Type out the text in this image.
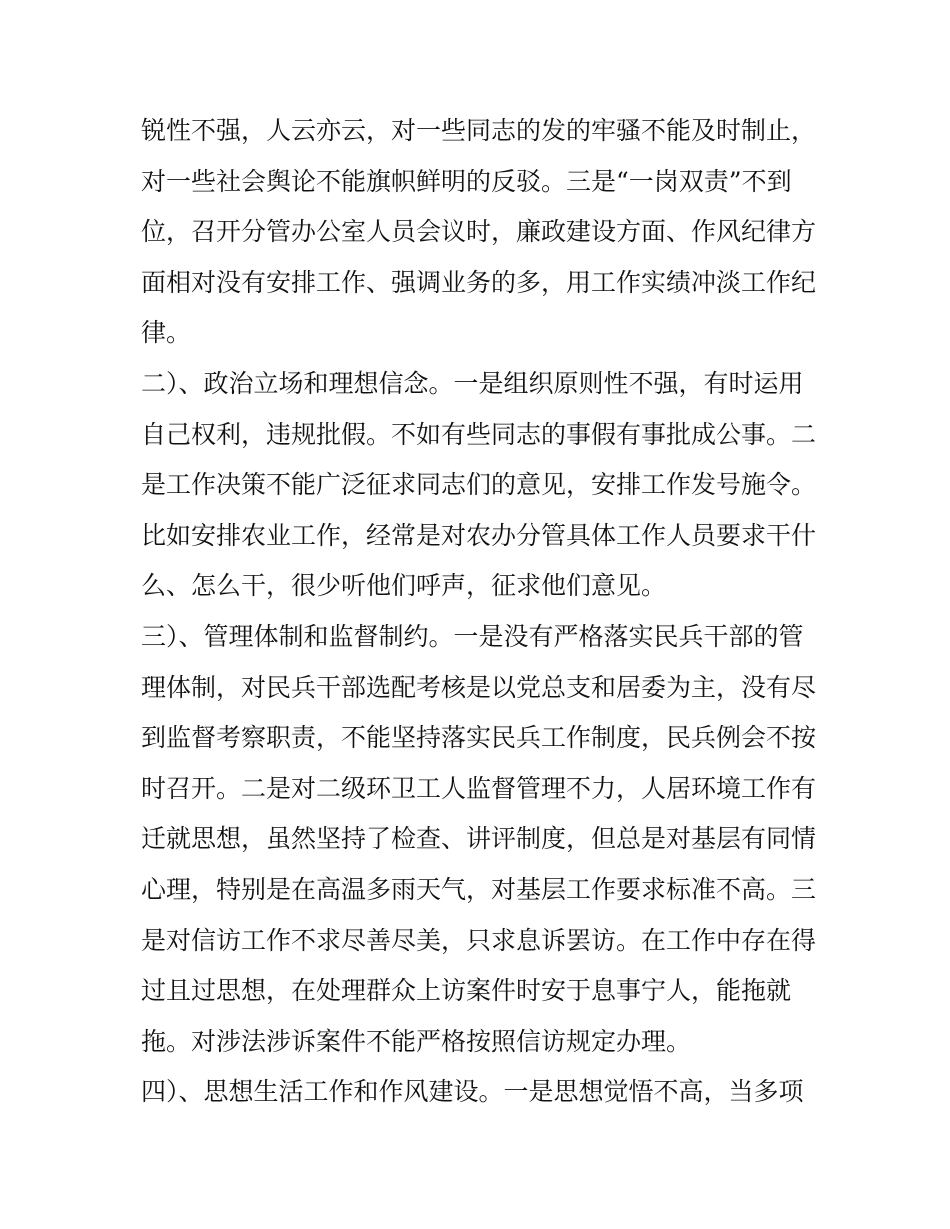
锐性不强，人云亦云，对一些同志的发的牢骚不能及时制止，
对一些社会舆论不能旗帜鲜明的反驳。三是“一岗双责”不到
位，召开分管办公室人员会议时，廉政建设方面、作风纪律方
面相对没有安排工作、强调业务的多，用工作实绩冲淡工作纪
律。
二）、政治立场和理想信念。一是组织原则性不强，有时运用
自己权利，违规批假。不如有些同志的事假有事批成公事。二
是工作决策不能广泛征求同志们的意见，安排工作发号施令。
比如安排农业工作，经常是对农办分管具体工作人员要求干什
么、怎么干，很少听他们呼声，征求他们意见。
三）、管理体制和监督制约。一是没有严格落实民兵干部的管
理体制，对民兵干部选配考核是以党总支和居委为主，没有尽
到监督考察职责，不能坚持落实民兵工作制度，民兵例会不按
时召开。二是对二级环卫工人监督管理不力，人居环境工作有
迁就思想，虽然坚持了检查、讲评制度，但总是对基层有同情
心理，特别是在高温多雨天气，对基层工作要求标准不高。三
是对信访工作不求尽善尽美，只求息诉罢访。在工作中存在得
过且过思想，在处理群众上访案件时安于息事宁人，能拖就
拖。对涉法涉诉案件不能严格按照信访规定办理。
四）、思想生活工作和作风建设。一是思想觉悟不高，当多项
